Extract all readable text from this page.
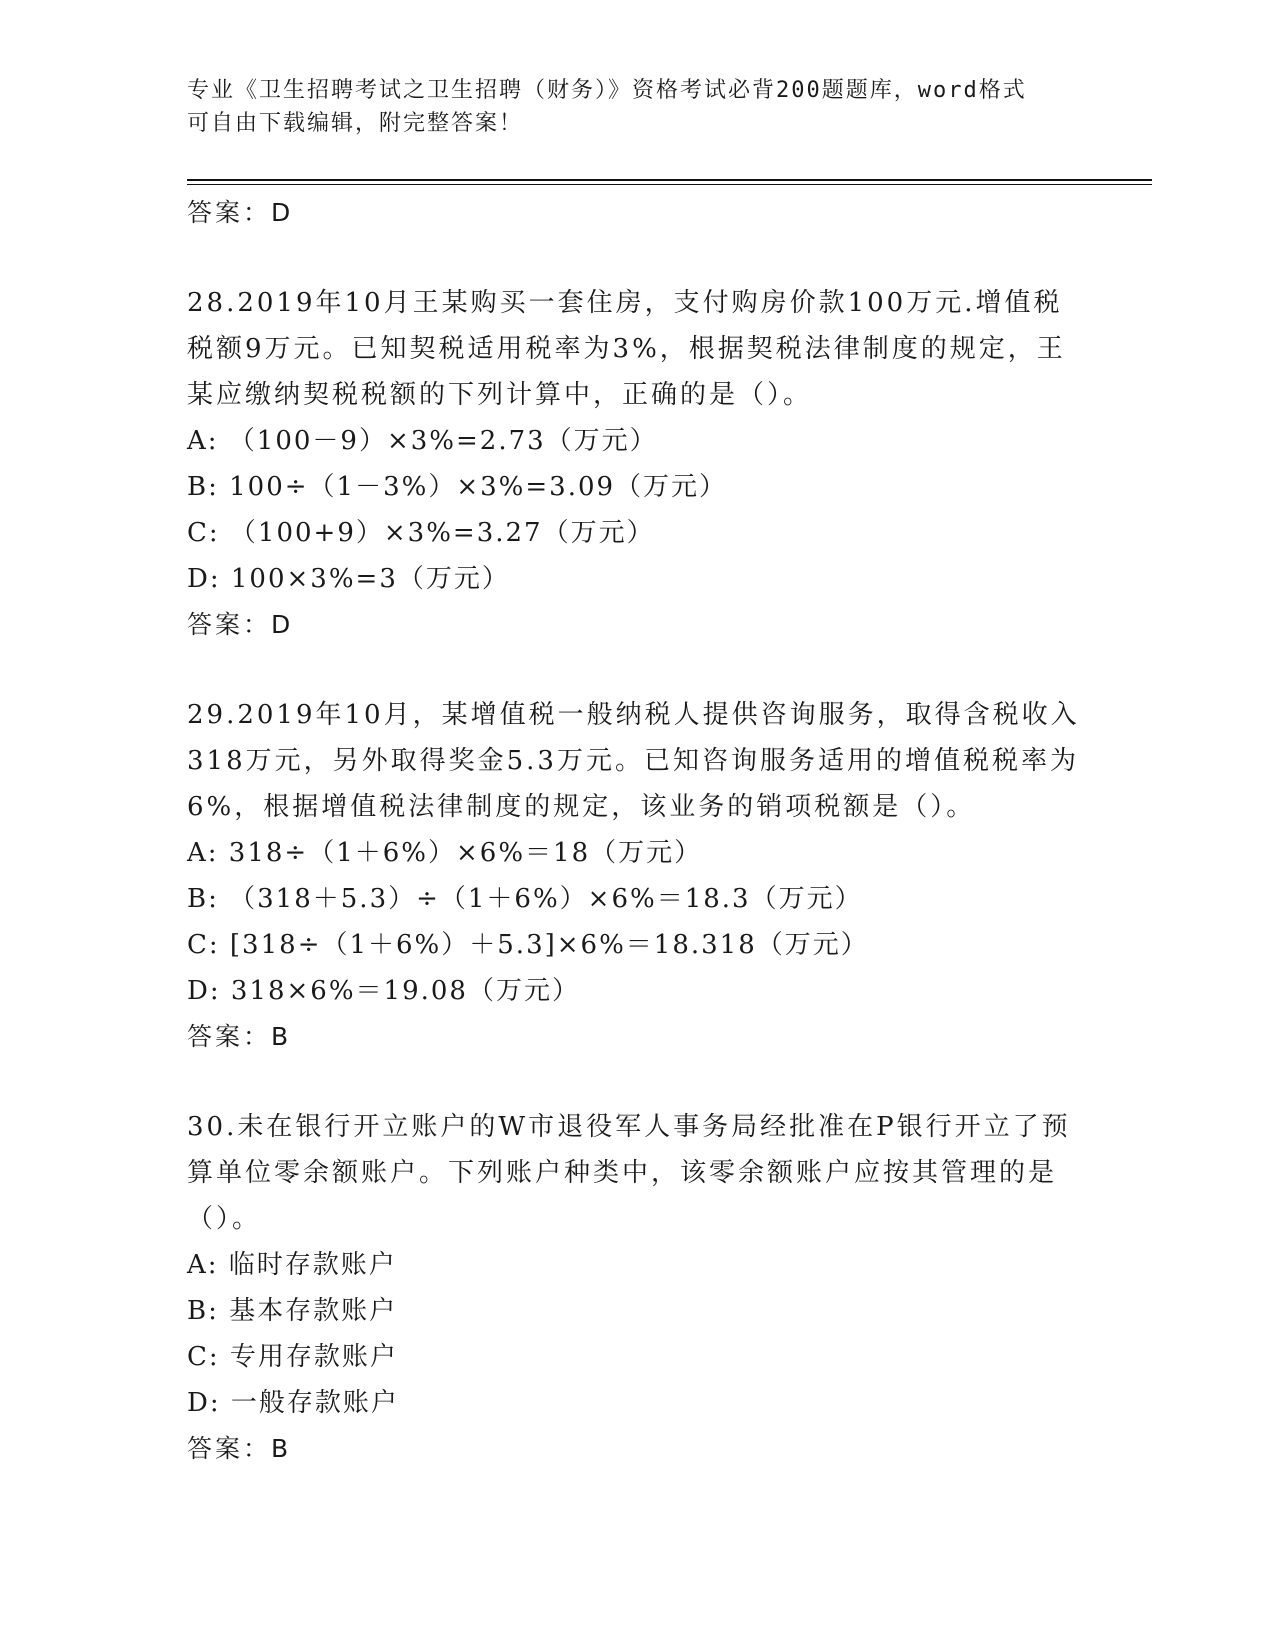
专业《卫生招聘考试之卫生招聘（财务）》资格考试必背200题题库，word格式
可自由下载编辑，附完整答案！
答案：D
28.2019年10月王某购买一套住房，支付购房价款100万元.增值税税额9万元。已知契税适用税率为3%，根据契税法律制度的规定，王某应缴纳契税税额的下列计算中，正确的是（）。
A: （100－9）×3%=2.73（万元）
B: 100÷（1－3%）×3%=3.09（万元）
C: （100+9）×3%=3.27（万元）
D: 100×3%=3（万元）
答案：D
29.2019年10月，某增值税一般纳税人提供咨询服务，取得含税收入318万元，另外取得奖金5.3万元。已知咨询服务适用的增值税税率为6%，根据增值税法律制度的规定，该业务的销项税额是（）。
A: 318÷（1＋6%）×6%＝18（万元）
B: （318＋5.3）÷（1＋6%）×6%＝18.3（万元）
C: [318÷（1＋6%）＋5.3]×6%＝18.318（万元）
D: 318×6%＝19.08（万元）
答案：B
30.未在银行开立账户的W市退役军人事务局经批准在P银行开立了预算单位零余额账户。下列账户种类中，该零余额账户应按其管理的是（）。
A: 临时存款账户
B: 基本存款账户
C: 专用存款账户
D: 一般存款账户
答案：B
